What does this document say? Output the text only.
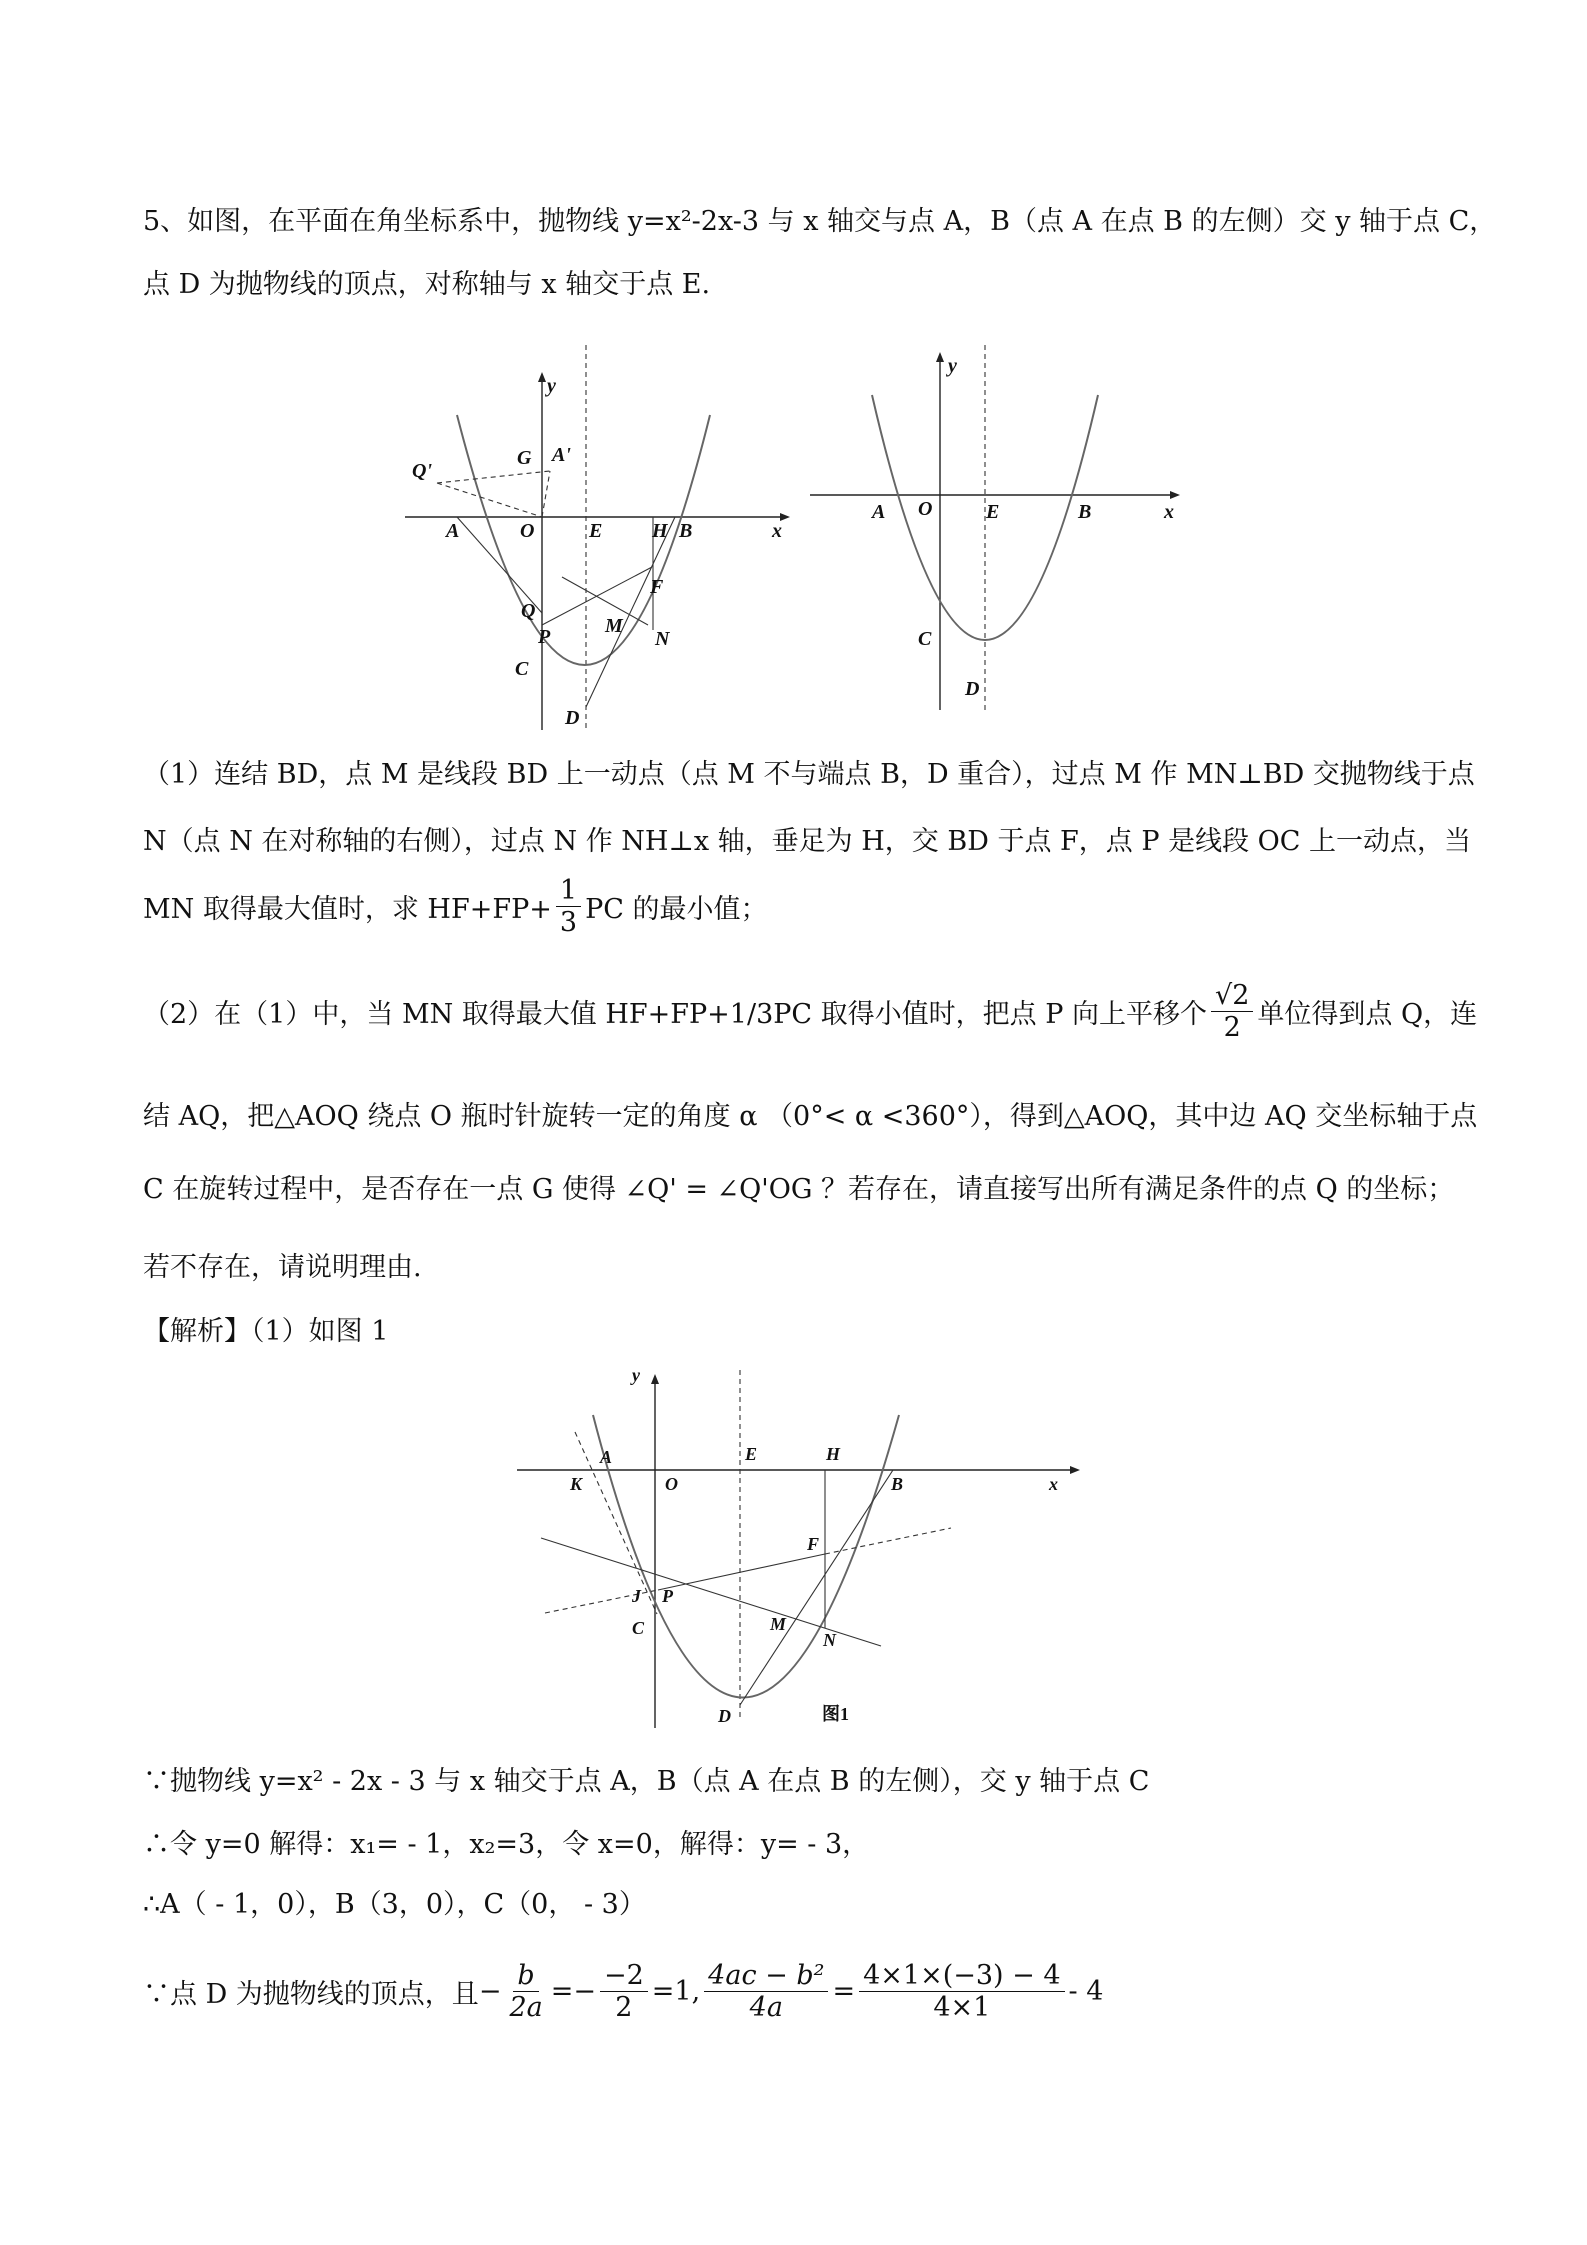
5、如图，在平面在角坐标系中，抛物线 y=x²-2x-3 与 x 轴交与点 A，B（点 A 在点 B 的左侧）交 y 轴于点 C，
点 D 为抛物线的顶点，对称轴与 x 轴交于点 E.
y
x
Q'
G A'
A	O	E H B
F
Q
P	M
N
C
D
y
x
A O	E	B
C
D
（1）连结 BD，点 M 是线段 BD 上一动点（点 M 不与端点 B，D 重合），过点 M 作 MN⊥BD 交抛物线于点
N（点 N 在对称轴的右侧），过点 N 作 NH⊥x 轴，垂足为 H，交 BD 于点 F，点 P 是线段 OC 上一动点，当
MN 取得最大值时，求 $HF+FP+ \frac{1}{3}$ PC 的最小值；
（2）在（1）中，当 MN 取得最大值 HF+FP+1/3PC 取得小值时，把点 P 向上平移个 $\frac{√2}{2}$ 单位得到点 Q，连
结 AQ，把△AOQ 绕点 O 瓶时针旋转一定的角度 α （0°< α <360°），得到△AOQ，其中边 AQ 交坐标轴于点
C 在旋转过程中，是否存在一点 G 使得 ∠Q' = ∠Q'OG ？若存在，请直接写出所有满足条件的点 Q 的坐标；
若不存在，请说明理由.
【解析】（1）如图 1
y
x
A
K	O
E	H
B
F
J P
C	M
N
D	图1
∵抛物线 y=x² - 2x - 3 与 x 轴交于点 A，B（点 A 在点 B 的左侧），交 y 轴于点 C
∴令 y=0 解得：x₁= - 1，x₂=3，令 x=0，解得：y= - 3，
∴A（ - 1，0），B（3，0），C（0， - 3）
∵点 D 为抛物线的顶点，且 − $\frac{b}{2a}$ = − $\frac{-2}{2} =1$, $\frac{\text{4ac − b²}}{4a} = \frac{4\times 1\times(-3) - 4}{4\times 1} - 4$
